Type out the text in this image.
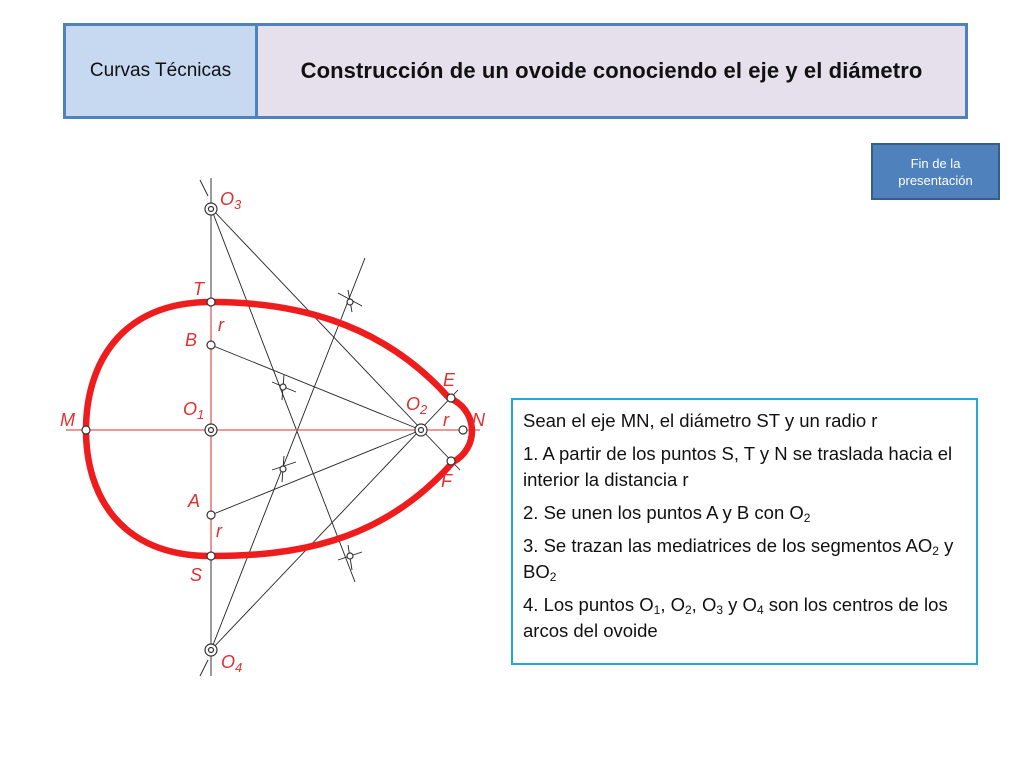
Curvas Técnicas	Construcción de un ovoide conociendo el eje y el diámetro
Fin de la presentación
$O_3$
T
r
B
$O_1$
M
$O_2$
E
r N
F
A
r
S
$O_4$

Sean el eje MN, el diámetro ST y un radio r

1. A partir de los puntos S, T y N se traslada hacia el interior la distancia r

2. Se unen los puntos A y B con $O_2$

3. Se trazan las mediatrices de los segmentos $AO_2$ y $BO_2$

4. Los puntos $O_1$, $O_2$, $O_3$ y $O_4$ son los centros de los arcos del ovoide
